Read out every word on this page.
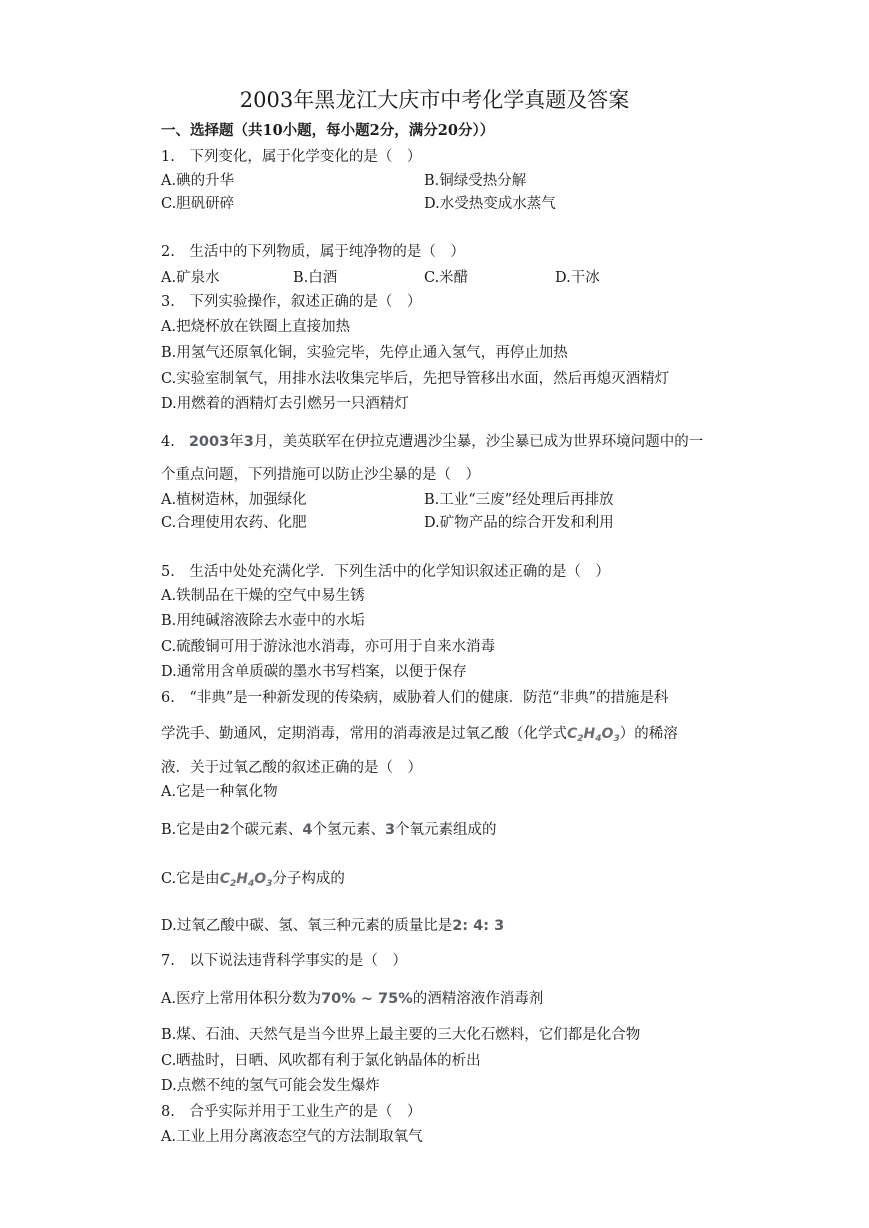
2003年黑龙江大庆市中考化学真题及答案
一、选择题（共10小题，每小题2分，满分20分））
1.　下列变化，属于化学变化的是（　）
A.碘的升华	B.铜绿受热分解
C.胆矾研碎	D.水受热变成水蒸气
2.　生活中的下列物质，属于纯净物的是（　）
A.矿泉水	B.白酒	C.米醋	D.干冰
3.　下列实验操作，叙述正确的是（　）
A.把烧杯放在铁圈上直接加热
B.用氢气还原氧化铜，实验完毕，先停止通入氢气，再停止加热
C.实验室制氧气，用排水法收集完毕后，先把导管移出水面，然后再熄灭酒精灯
D.用燃着的酒精灯去引燃另一只酒精灯
4. 2003年3月，美英联军在伊拉克遭遇沙尘暴，沙尘暴已成为世界环境问题中的一
个重点问题，下列措施可以防止沙尘暴的是（　）
A.植树造林，加强绿化	B.工业“三废”经处理后再排放
C.合理使用农药、化肥	D.矿物产品的综合开发和利用
5.　生活中处处充满化学．下列生活中的化学知识叙述正确的是（　）
A.铁制品在干燥的空气中易生锈
B.用纯碱溶液除去水壶中的水垢
C.硫酸铜可用于游泳池水消毒，亦可用于自来水消毒
D.通常用含单质碳的墨水书写档案，以便于保存
6.　“非典”是一种新发现的传染病，威胁着人们的健康．防范“非典”的措施是科
学洗手、勤通风，定期消毒，常用的消毒液是过氧乙酸（化学式$C_2H_4O_3$）的稀溶
液．关于过氧乙酸的叙述正确的是（　）
A.它是一种氧化物
B.它是由2个碳元素、4个氢元素、3个氧元素组成的
C.它是由$C_2H_4O_3$分子构成的
D.过氧乙酸中碳、氢、氧三种元素的质量比是2: 4: 3
7.　以下说法违背科学事实的是（　）
A.医疗上常用体积分数为70% ~ 75%的酒精溶液作消毒剂
B.煤、石油、天然气是当今世界上最主要的三大化石燃料，它们都是化合物
C.晒盐时，日晒、风吹都有利于氯化钠晶体的析出
D.点燃不纯的氢气可能会发生爆炸
8.　合乎实际并用于工业生产的是（　）
A.工业上用分离液态空气的方法制取氧气
